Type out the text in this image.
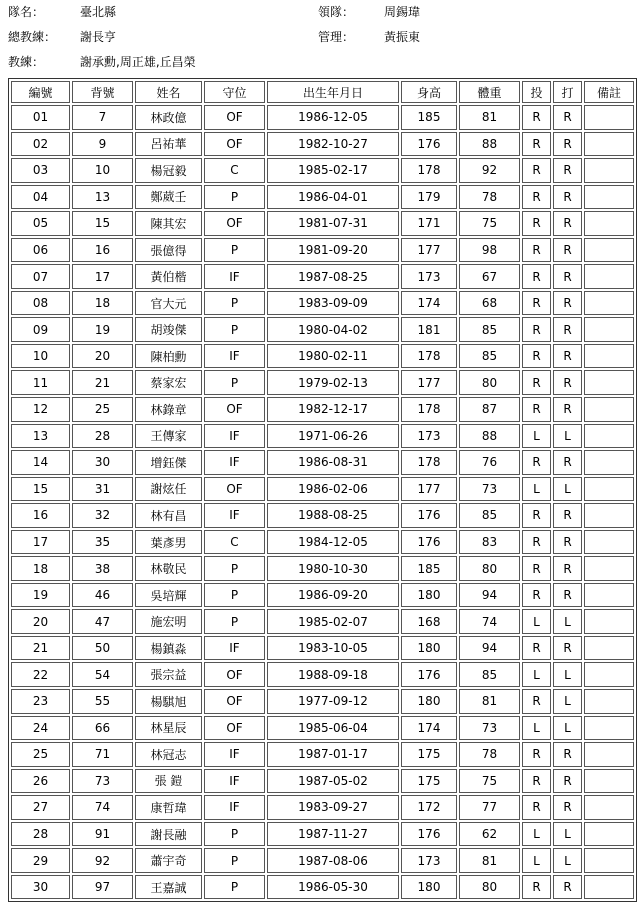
隊名：	臺北縣	領隊： 周錫瑋
總教練： 謝長亨	管理： 黃振東
教練：	謝承勳,周正雄,丘昌榮
編號	背號	姓名	守位	出生年月日	身高	體重	投	打	備註
01	7	林政億	OF	1986-12-05	185	81	R	R	
02	9	呂祐華	OF	1982-10-27	176	88	R	R	
03	10	楊冠毅	C	1985-02-17	178	92	R	R	
04	13	鄭葳壬	P	1986-04-01	179	78	R	R	
05	15	陳其宏	OF	1981-07-31	171	75	R	R	
06	16	張億得	P	1981-09-20	177	98	R	R	
07	17	黃伯楷	IF	1987-08-25	173	67	R	R	
08	18	官大元	P	1983-09-09	174	68	R	R	
09	19	胡竣傑	P	1980-04-02	181	85	R	R	
10	20	陳柏勳	IF	1980-02-11	178	85	R	R	
11	21	蔡家宏	P	1979-02-13	177	80	R	R	
12	25	林錄章	OF	1982-12-17	178	87	R	R	
13	28	王傳家	IF	1971-06-26	173	88	L	L	
14	30	增鈺傑	IF	1986-08-31	178	76	R	R	
15	31	謝炫任	OF	1986-02-06	177	73	L	L	
16	32	林有昌	IF	1988-08-25	176	85	R	R	
17	35	葉彥男	C	1984-12-05	176	83	R	R	
18	38	林敬民	P	1980-10-30	185	80	R	R	
19	46	吳培輝	P	1986-09-20	180	94	R	R	
20	47	施宏明	P	1985-02-07	168	74	L	L	
21	50	楊鎮淼	IF	1983-10-05	180	94	R	R	
22	54	張宗益	OF	1988-09-18	176	85	L	L	
23	55	楊騏旭	OF	1977-09-12	180	81	R	L	
24	66	林星辰	OF	1985-06-04	174	73	L	L	
25	71	林冠志	IF	1987-01-17	175	78	R	R	
26	73	張 鎧	IF	1987-05-02	175	75	R	R	
27	74	康哲瑋	IF	1983-09-27	172	77	R	R	
28	91	謝長融	P	1987-11-27	176	62	L	L	
29	92	蕭宇奇	P	1987-08-06	173	81	L	L	
30	97	王嘉誠	P	1986-05-30	180	80	R	R	
